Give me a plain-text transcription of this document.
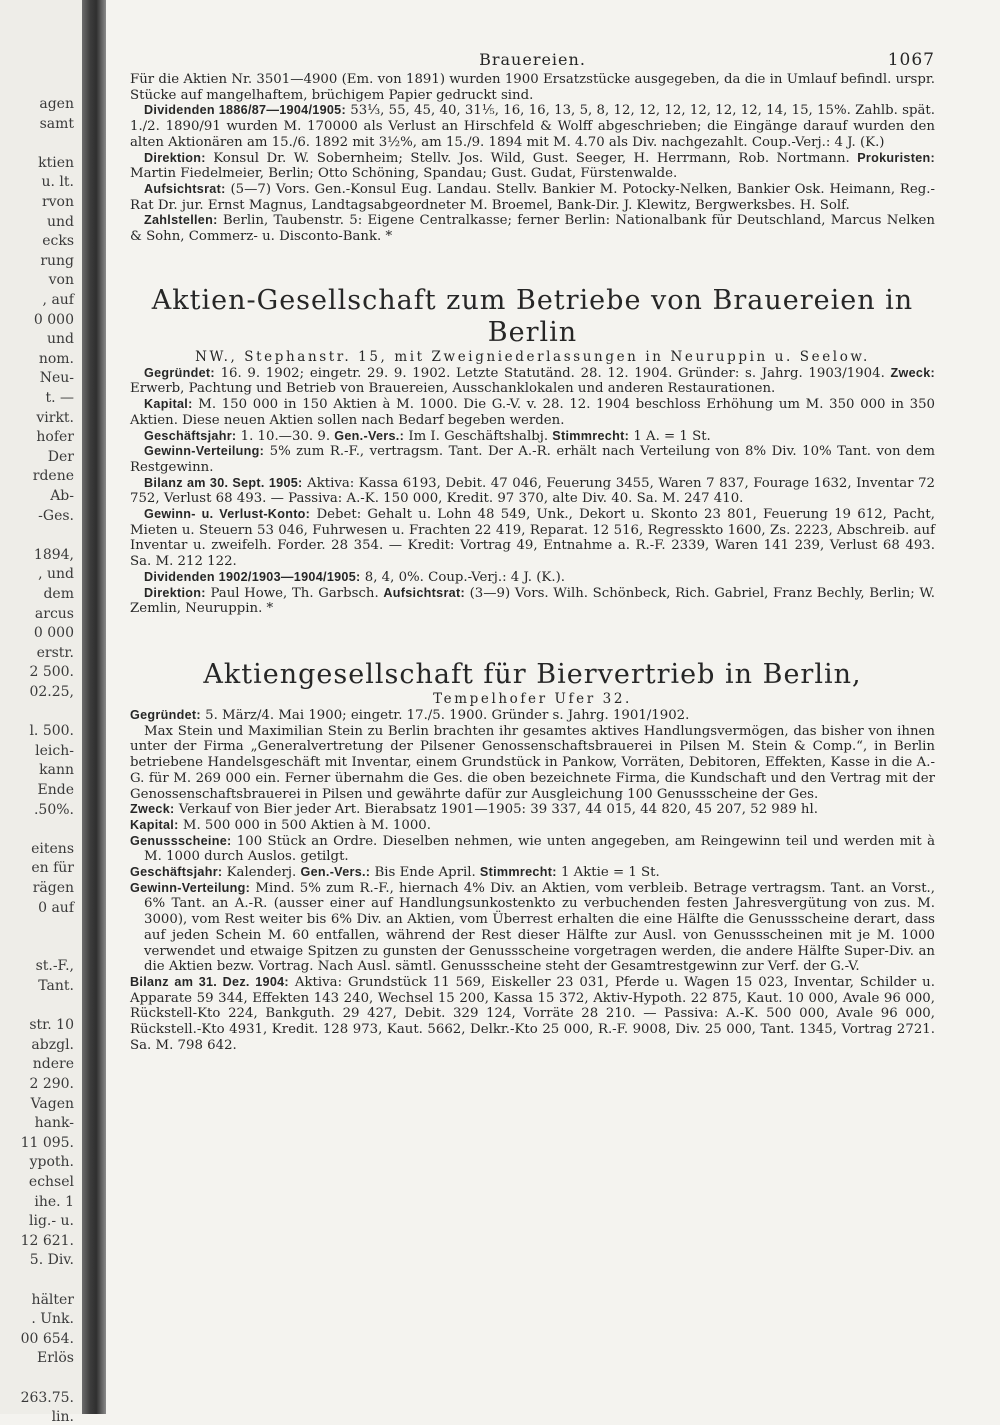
agen
samt
ktien
u. lt.
rvon
und
ecks
rung
von
, auf
0 000
und
nom.
Neu-
t. —
virkt.
hofer
Der
rdene
Ab-
-Ges.
1894,
, und
dem
arcus
0 000
erstr.
2 500.
02.25,
l. 500.
leich-
kann
Ende
.50%.
eitens
en für
rägen
0 auf
st.-F.,
Tant.
str. 10
abzgl.
ndere
2 290.
Vagen
hank-
11 095.
ypoth.
echsel
ihe. 1
lig.- u.
12 621.
5. Div.
hälter
. Unk.
00 654.
Erlös
263.75.
lin.
Brauereien.	1067

Für die Aktien Nr. 3501—4900 (Em. von 1891) wurden 1900 Ersatzstücke ausgegeben, da die in Umlauf befindl. urspr. Stücke auf mangelhaftem, brüchigem Papier gedruckt sind.

Dividenden 1886/87—1904/1905: 53⅓, 55, 45, 40, 31⅕, 16, 16, 13, 5, 8, 12, 12, 12, 12, 12, 12, 14, 15, 15%. Zahlb. spät. 1./2. 1890/91 wurden M. 170000 als Verlust an Hirschfeld & Wolff abgeschrieben; die Eingänge darauf wurden den alten Aktionären am 15./6. 1892 mit 3½%, am 15./9. 1894 mit M. 4.70 als Div. nachgezahlt. Coup.-Verj.: 4 J. (K.)

Direktion: Konsul Dr. W. Sobernheim; Stellv. Jos. Wild, Gust. Seeger, H. Herrmann, Rob. Nortmann. Prokuristen: Martin Fiedelmeier, Berlin; Otto Schöning, Spandau; Gust. Gudat, Fürstenwalde.

Aufsichtsrat: (5—7) Vors. Gen.-Konsul Eug. Landau. Stellv. Bankier M. Potocky-Nelken, Bankier Osk. Heimann, Reg.-Rat Dr. jur. Ernst Magnus, Landtagsabgeordneter M. Broemel, Bank-Dir. J. Klewitz, Bergwerksbes. H. Solf.

Zahlstellen: Berlin, Taubenstr. 5: Eigene Centralkasse; ferner Berlin: Nationalbank für Deutschland, Marcus Nelken & Sohn, Commerz- u. Disconto-Bank. *

Aktien-Gesellschaft zum Betriebe von Brauereien in Berlin
NW., Stephanstr. 15, mit Zweigniederlassungen in Neuruppin u. Seelow.

Gegründet: 16. 9. 1902; eingetr. 29. 9. 1902. Letzte Statutänd. 28. 12. 1904. Gründer: s. Jahrg. 1903/1904. Zweck: Erwerb, Pachtung und Betrieb von Brauereien, Ausschanklokalen und anderen Restaurationen.

Kapital: M. 150 000 in 150 Aktien à M. 1000. Die G.-V. v. 28. 12. 1904 beschloss Erhöhung um M. 350 000 in 350 Aktien. Diese neuen Aktien sollen nach Bedarf begeben werden.

Geschäftsjahr: 1. 10.—30. 9. Gen.-Vers.: Im I. Geschäftshalbj. Stimmrecht: 1 A. = 1 St.

Gewinn-Verteilung: 5% zum R.-F., vertragsm. Tant. Der A.-R. erhält nach Verteilung von 8% Div. 10% Tant. von dem Restgewinn.

Bilanz am 30. Sept. 1905: Aktiva: Kassa 6193, Debit. 47 046, Feuerung 3455, Waren 7 837, Fourage 1632, Inventar 72 752, Verlust 68 493. — Passiva: A.-K. 150 000, Kredit. 97 370, alte Div. 40. Sa. M. 247 410.

Gewinn- u. Verlust-Konto: Debet: Gehalt u. Lohn 48 549, Unk., Dekort u. Skonto 23 801, Feuerung 19 612, Pacht, Mieten u. Steuern 53 046, Fuhrwesen u. Frachten 22 419, Reparat. 12 516, Regresskto 1600, Zs. 2223, Abschreib. auf Inventar u. zweifelh. Forder. 28 354. — Kredit: Vortrag 49, Entnahme a. R.-F. 2339, Waren 141 239, Verlust 68 493. Sa. M. 212 122.

Dividenden 1902/1903—1904/1905: 8, 4, 0%. Coup.-Verj.: 4 J. (K.).

Direktion: Paul Howe, Th. Garbsch. Aufsichtsrat: (3—9) Vors. Wilh. Schönbeck, Rich. Gabriel, Franz Bechly, Berlin; W. Zemlin, Neuruppin. *

Aktiengesellschaft für Biervertrieb in Berlin,
Tempelhofer Ufer 32.

Gegründet: 5. März/4. Mai 1900; eingetr. 17./5. 1900. Gründer s. Jahrg. 1901/1902.

Max Stein und Maximilian Stein zu Berlin brachten ihr gesamtes aktives Handlungsvermögen, das bisher von ihnen unter der Firma „Generalvertretung der Pilsener Genossenschaftsbrauerei in Pilsen M. Stein & Comp.“, in Berlin betriebene Handelsgeschäft mit Inventar, einem Grundstück in Pankow, Vorräten, Debitoren, Effekten, Kasse in die A.-G. für M. 269 000 ein. Ferner übernahm die Ges. die oben bezeichnete Firma, die Kundschaft und den Vertrag mit der Genossenschaftsbrauerei in Pilsen und gewährte dafür zur Ausgleichung 100 Genussscheine der Ges.

Zweck: Verkauf von Bier jeder Art. Bierabsatz 1901—1905: 39 337, 44 015, 44 820, 45 207, 52 989 hl.

Kapital: M. 500 000 in 500 Aktien à M. 1000.

Genussscheine: 100 Stück an Ordre. Dieselben nehmen, wie unten angegeben, am Reingewinn teil und werden mit à M. 1000 durch Auslos. getilgt.

Geschäftsjahr: Kalenderj. Gen.-Vers.: Bis Ende April. Stimmrecht: 1 Aktie = 1 St.

Gewinn-Verteilung: Mind. 5% zum R.-F., hiernach 4% Div. an Aktien, vom verbleib. Betrage vertragsm. Tant. an Vorst., 6% Tant. an A.-R. (ausser einer auf Handlungsunkostenkto zu verbuchenden festen Jahresvergütung von zus. M. 3000), vom Rest weiter bis 6% Div. an Aktien, vom Überrest erhalten die eine Hälfte die Genussscheine derart, dass auf jeden Schein M. 60 entfallen, während der Rest dieser Hälfte zur Ausl. von Genussscheinen mit je M. 1000 verwendet und etwaige Spitzen zu gunsten der Genussscheine vorgetragen werden, die andere Hälfte Super-Div. an die Aktien bezw. Vortrag. Nach Ausl. sämtl. Genussscheine steht der Gesamtrestgewinn zur Verf. der G.-V.

Bilanz am 31. Dez. 1904: Aktiva: Grundstück 11 569, Eiskeller 23 031, Pferde u. Wagen 15 023, Inventar, Schilder u. Apparate 59 344, Effekten 143 240, Wechsel 15 200, Kassa 15 372, Aktiv-Hypoth. 22 875, Kaut. 10 000, Avale 96 000, Rückstell-Kto 224, Bankguth. 29 427, Debit. 329 124, Vorräte 28 210. — Passiva: A.-K. 500 000, Avale 96 000, Rückstell.-Kto 4931, Kredit. 128 973, Kaut. 5662, Delkr.-Kto 25 000, R.-F. 9008, Div. 25 000, Tant. 1345, Vortrag 2721. Sa. M. 798 642.
